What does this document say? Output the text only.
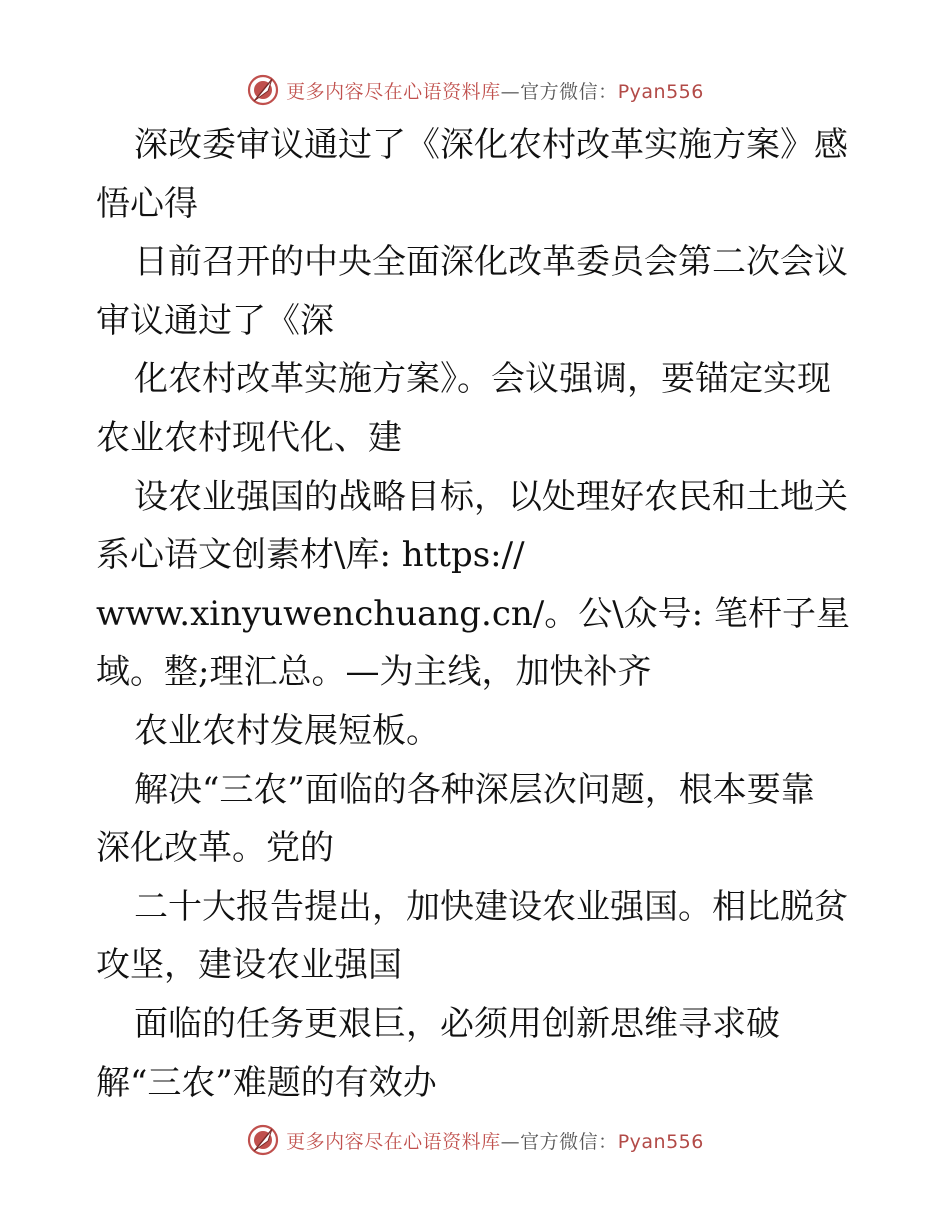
更多内容尽在心语资料库—官方微信：Pyan556
深改委审议通过了《深化农村改革实施方案》感
悟心得
日前召开的中央全面深化改革委员会第二次会议
审议通过了《深
化农村改革实施方案》。会议强调，要锚定实现
农业农村现代化、建
设农业强国的战略目标，以处理好农民和土地关
系心语文创素材\库: https://
www.xinyuwenchuang.cn/。公\众号: 笔杆子星
域。整;理汇总。—为主线，加快补齐
农业农村发展短板。
解决“三农”面临的各种深层次问题，根本要靠
深化改革。党的
二十大报告提出，加快建设农业强国。相比脱贫
攻坚，建设农业强国
面临的任务更艰巨，必须用创新思维寻求破
解“三农”难题的有效办
更多内容尽在心语资料库—官方微信：Pyan556
